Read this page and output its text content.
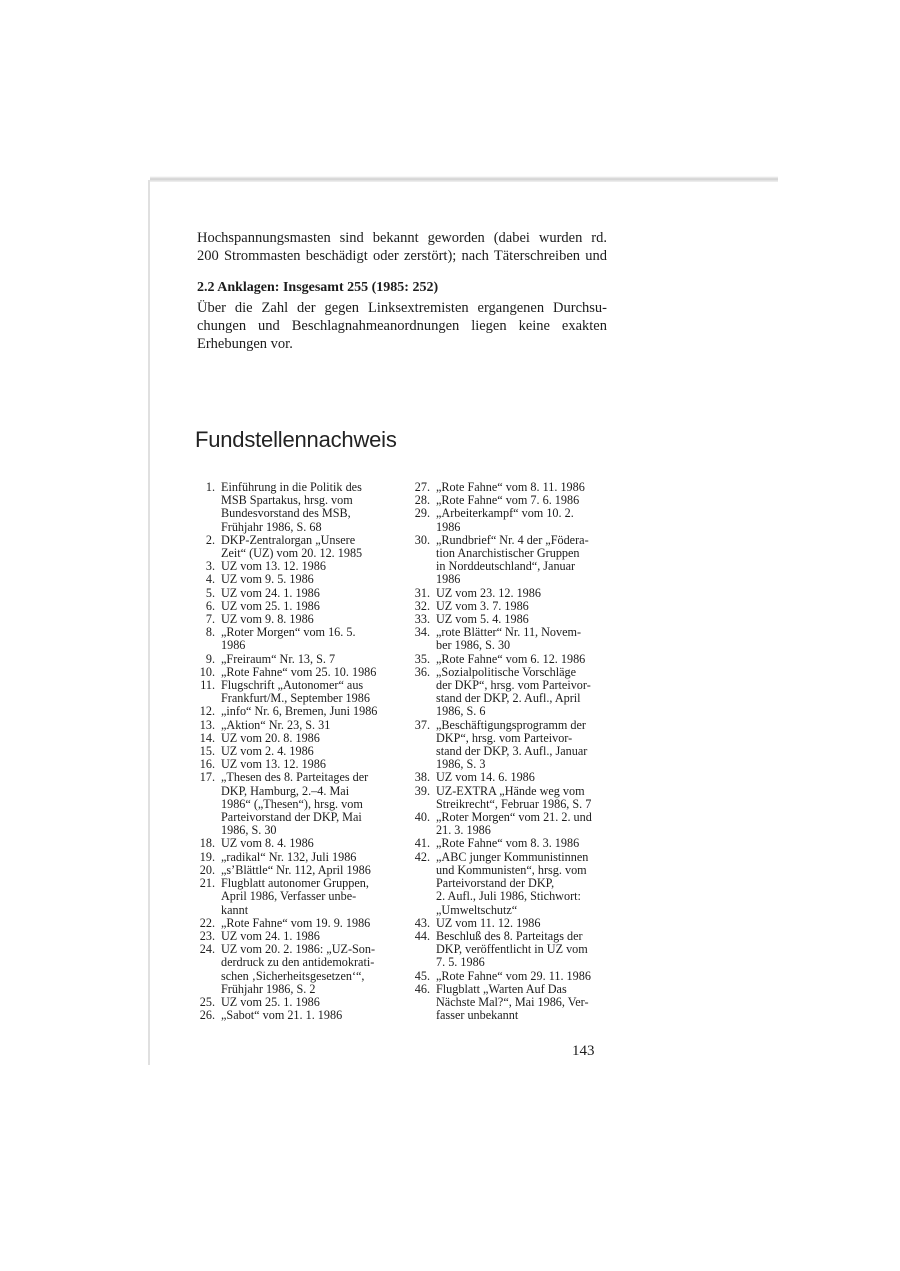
Hochspannungsmasten sind bekannt geworden (dabei wurden rd.
200 Strommasten beschädigt oder zerstört); nach Täterschreiben und

2.2 Anklagen: Insgesamt 255 (1985: 252)

Über die Zahl der gegen Linksextremisten ergangenen Durchsu-
chungen und Beschlagnahmeanordnungen liegen keine exakten
Erhebungen vor.

Fundstellennachweis
1. Einführung in die Politik des
MSB Spartakus, hrsg. vom
Bundesvorstand des MSB,
Frühjahr 1986, S. 68
2. DKP-Zentralorgan „Unsere
Zeit“ (UZ) vom 20. 12. 1985
3. UZ vom 13. 12. 1986
4. UZ vom 9. 5. 1986
5. UZ vom 24. 1. 1986
6. UZ vom 25. 1. 1986
7. UZ vom 9. 8. 1986
8. „Roter Morgen“ vom 16. 5.
1986
9. „Freiraum“ Nr. 13, S. 7
10. „Rote Fahne“ vom 25. 10. 1986
11. Flugschrift „Autonomer“ aus
Frankfurt/M., September 1986
12. „info“ Nr. 6, Bremen, Juni 1986
13. „Aktion“ Nr. 23, S. 31
14. UZ vom 20. 8. 1986
15. UZ vom 2. 4. 1986
16. UZ vom 13. 12. 1986
17. „Thesen des 8. Parteitages der
DKP, Hamburg, 2.–4. Mai
1986“ („Thesen“), hrsg. vom
Parteivorstand der DKP, Mai
1986, S. 30
18. UZ vom 8. 4. 1986
19. „radikal“ Nr. 132, Juli 1986
20. „s’Blättle“ Nr. 112, April 1986
21. Flugblatt autonomer Gruppen,
April 1986, Verfasser unbe-
kannt
22. „Rote Fahne“ vom 19. 9. 1986
23. UZ vom 24. 1. 1986
24. UZ vom 20. 2. 1986: „UZ-Son-
derdruck zu den antidemokrati-
schen ‚Sicherheitsgesetzen‘“,
Frühjahr 1986, S. 2
25. UZ vom 25. 1. 1986
26. „Sabot“ vom 21. 1. 1986
27. „Rote Fahne“ vom 8. 11. 1986
28. „Rote Fahne“ vom 7. 6. 1986
29. „Arbeiterkampf“ vom 10. 2.
1986
30. „Rundbrief“ Nr. 4 der „Födera-
tion Anarchistischer Gruppen
in Norddeutschland“, Januar
1986
31. UZ vom 23. 12. 1986
32. UZ vom 3. 7. 1986
33. UZ vom 5. 4. 1986
34. „rote Blätter“ Nr. 11, Novem-
ber 1986, S. 30
35. „Rote Fahne“ vom 6. 12. 1986
36. „Sozialpolitische Vorschläge
der DKP“, hrsg. vom Parteivor-
stand der DKP, 2. Aufl., April
1986, S. 6
37. „Beschäftigungsprogramm der
DKP“, hrsg. vom Parteivor-
stand der DKP, 3. Aufl., Januar
1986, S. 3
38. UZ vom 14. 6. 1986
39. UZ-EXTRA „Hände weg vom
Streikrecht“, Februar 1986, S. 7
40. „Roter Morgen“ vom 21. 2. und
21. 3. 1986
41. „Rote Fahne“ vom 8. 3. 1986
42. „ABC junger Kommunistinnen
und Kommunisten“, hrsg. vom
Parteivorstand der DKP,
2. Aufl., Juli 1986, Stichwort:
„Umweltschutz“
43. UZ vom 11. 12. 1986
44. Beschluß des 8. Parteitags der
DKP, veröffentlicht in UZ vom
7. 5. 1986
45. „Rote Fahne“ vom 29. 11. 1986
46. Flugblatt „Warten Auf Das
Nächste Mal?“, Mai 1986, Ver-
fasser unbekannt
143
